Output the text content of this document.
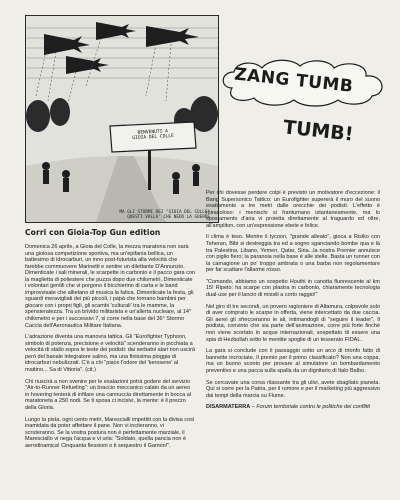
BENVENUTI A
GIOIA DEL COLLE
MA GLI STORMI DEI "GIOIA DEL COLLE"
QUESTI VALLA' CHE NEDO LA GUERRE
ZANG TUMB
TUMB!
Corri con Gioia-Top Gun edition

Domenica 26 aprile, a Gioia del Colle, la mezza maratona non sarà una gioiosa competizione sportiva, ma un'epifania bellica, un battesimo di idrocarburi, un inno post-futurista alla velocità che farebbe commuovere Marinetti e sentire un dilettante D'Annunzio. Dimenticate i sali minerali, le scarpette in carbonio e il pacco gara con la maglietta di poliestere che puzza dopo due chilometri. Dimenticate i volontari gentili che vi porgono il bicchierino di carta e le band improvvisate che allietano di musica la fatica. Dimenticate la festa, gli sguardi meravigliati dei più piccoli, i papà che tornano bambini per giocare con i propri figli, gli scambi 'culturali' tra le mamme, la spensieratezza. Tra un brivido militarista e un'allerta nucleare, al 14° chilometro e per i successivi 7, si corre nella base del 36° Stormo Caccia dell'Aeronautica Militare Italiana.

L'adrazione diventa una manovra tattica. Gli "Eurofighter Typhoon, simbolo di potenza, precisione e velocità" scenderanno in picchiata a velocità di stallo sopra le teste dei podisti: dai serbatoi alari non uscirà però del banale integratore salino, ma una finissima pioggia di idrocarburi nebulizzati. C'è a chi "piace l'odore del 'kerosene' al mattino... Sa di Vittoria". (cit.)

Chi riuscirà a non svenire per le esalazioni potrà godere del servizio "Air-to-Runner Refueling": un braccio meccanico calato da un aereo in hovering tenterà di infilare una cannuccia direttamente in bocca al maratoneta a 250 nodi. Se ti sposa ci incisivi, la mente: è il prezzo della Gloria.

Lungo la pista, ogni cento metri, Marescialli impettiti con la divisa così inamidata da poter affettare il pane. Non vi inciteranno, vi scruteranno. Se la vostra postura non è perfettamente marziale, il Maresciallo vi nega l'acqua e vi urla: "Soldato, quella pancia non è aerodinamica! Cinquanta flessioni o ti sequestro il Garmin!".

Per chi dovesse perdere colpi è previsto un motivatore d'eccezione: il Bang Supersonico Tattico: un Eurofighter supererà il muro del suono esattamente a tre metri dalle orecchie dei podisti. L'effetto è miracoloso: i menischi si frantumano istantaneamente, ma lo spostamento d'aria vi proietta direttamente al traguardo ed oltre, all'ampliton, con un'espressione ebete e felice.

Il clima è teso. Mentre il tycoon, "grande alleato", gioca a Risiko con Teheran, Bibi si destreggia tra ed a sogno sganciando bombe qua e là tra Palestina, Libano, Yemen, Qatar, Siria...la nostra Premier annuisce con piglio fiero; la paranoia nella base è alle stelle. Basta un runner con la carnagione un po' troppo ambrata o una barba non regolamentare per far scattare l'allarme rosso.

"Comando, abbiamo un sospetto Houthi in canotta fluorescente al km 15! Ripeto: ha scarpe con piastra in carbonio, chiaramente tecnologia dual-use per il lancio di missili a corto raggio!"

Nel giro di tre secondi, un povero ragioniere di Altamura, colpevole solo di aver comprato le scarpe in offerta, viene intercettato da due caccia. Gli aerei gli sfrecceranno le ali, intimandogli di "seguire il leader". Il podista, convinto che sia parte dell'animazione, corre più forte finché non viene scortato in acque internazionali, sospettato di essere una spia di Hezbollah sotto le mentite spoglie di un tesserato FIDAL.

La gara si conclude con il passaggio sotto un arco di trionfo fatto di bannette incrociate. Il premio per il primo classificato? Non una coppa, ma un buono sconto per provare al simulatore un bombardamento preventivo e una pacca sulla spalla da un dignitario di Italo Balbo.

Se cercavate una corsa rilassante tra gli ulivi, avete sbagliato pianeta. Qui si corre per la Patria, per il rumore e per il marketing più aggressivo dai tempi della marcia su Fiume.

DISARMATERRA – Forum territoriale contro le politiche dei conflitti
